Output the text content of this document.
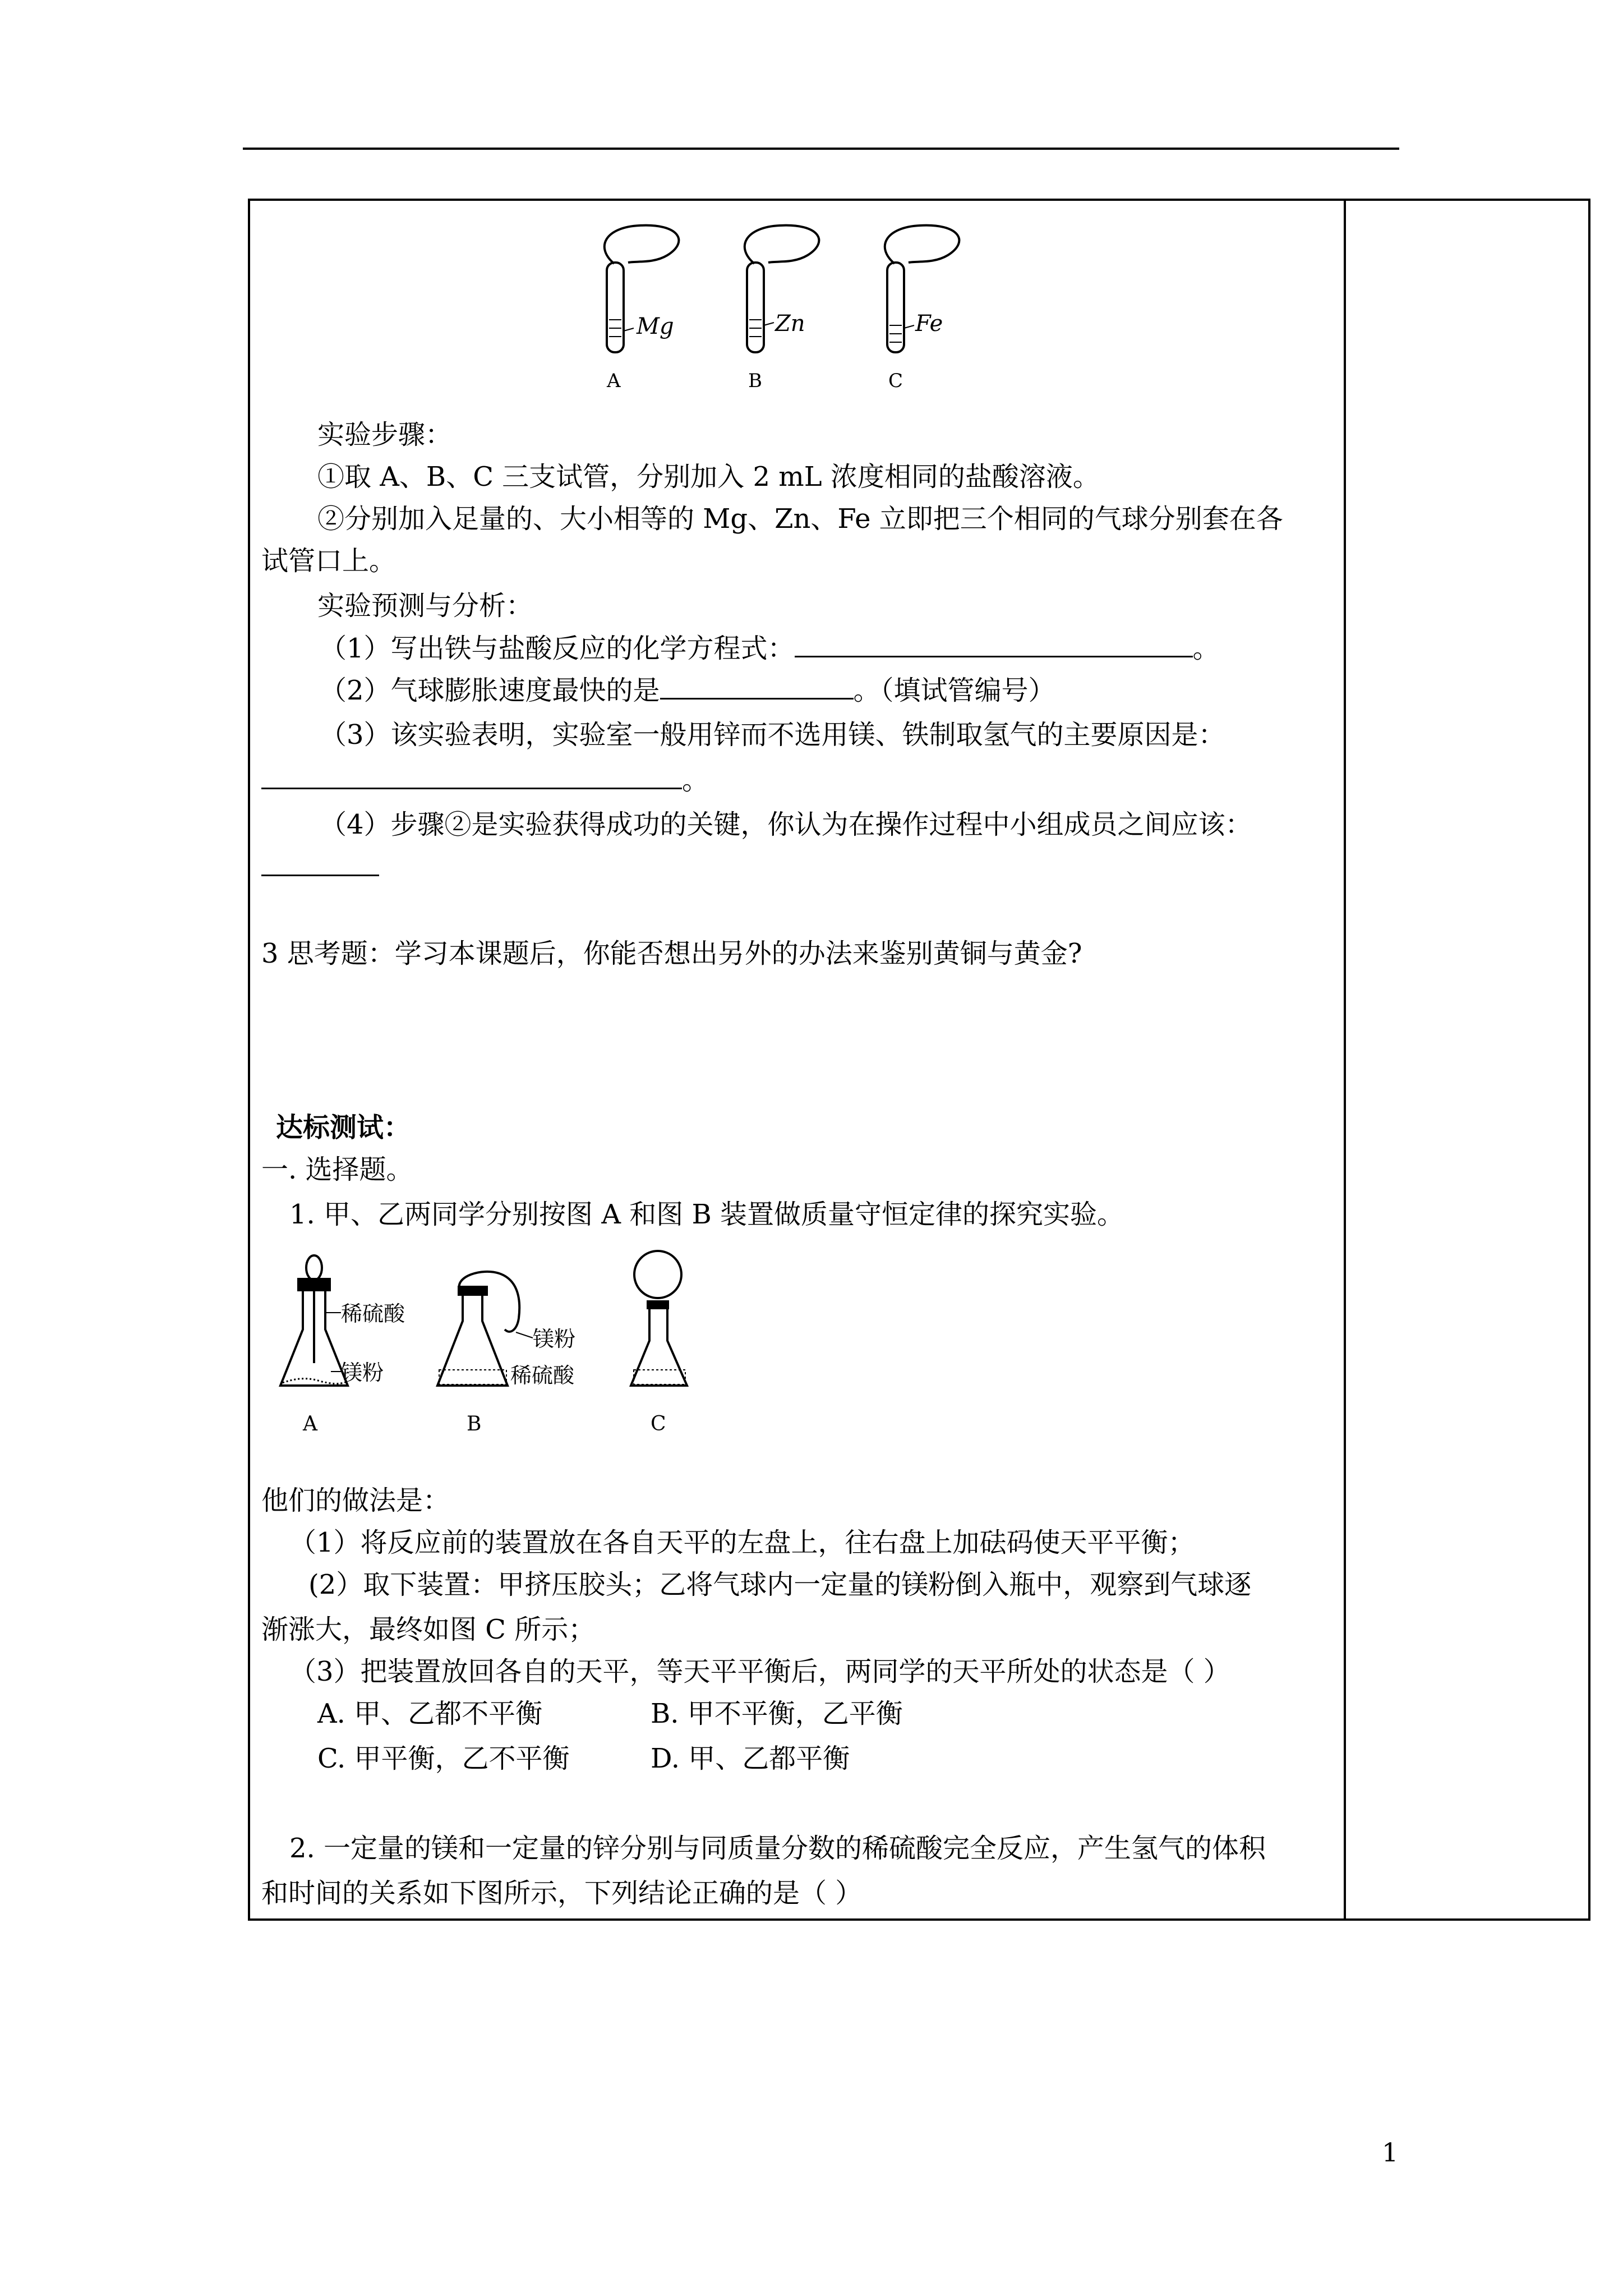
Mg
A
Zn
B
Fe
C
实验步骤：
①取 A、B、C 三支试管，分别加入 2 mL 浓度相同的盐酸溶液。
②分别加入足量的、大小相等的 Mg、Zn、Fe 立即把三个相同的气球分别套在各
试管口上。
实验预测与分析：
（1）写出铁与盐酸反应的化学方程式：	。
（2）气球膨胀速度最快的是	。（填试管编号）
（3）该实验表明，实验室一般用锌而不选用镁、铁制取氢气的主要原因是：
。
（4）步骤②是实验获得成功的关键，你认为在操作过程中小组成员之间应该：
3 思考题：学习本课题后，你能否想出另外的办法来鉴别黄铜与黄金?
达标测试：
一. 选择题。
1. 甲、乙两同学分别按图 A 和图 B 装置做质量守恒定律的探究实验。
稀硫酸
镁粉
A
镁粉
稀硫酸
B	C
他们的做法是：
（1）将反应前的装置放在各自天平的左盘上，往右盘上加砝码使天平平衡；
(2）取下装置：甲挤压胶头；乙将气球内一定量的镁粉倒入瓶中，观察到气球逐
渐涨大，最终如图 C 所示；
（3）把装置放回各自的天平，等天平平衡后，两同学的天平所处的状态是（ ）
A. 甲、乙都不平衡	B. 甲不平衡，乙平衡
C. 甲平衡，乙不平衡	D. 甲、乙都平衡
2. 一定量的镁和一定量的锌分别与同质量分数的稀硫酸完全反应，产生氢气的体积
和时间的关系如下图所示，下列结论正确的是（ ）
1
